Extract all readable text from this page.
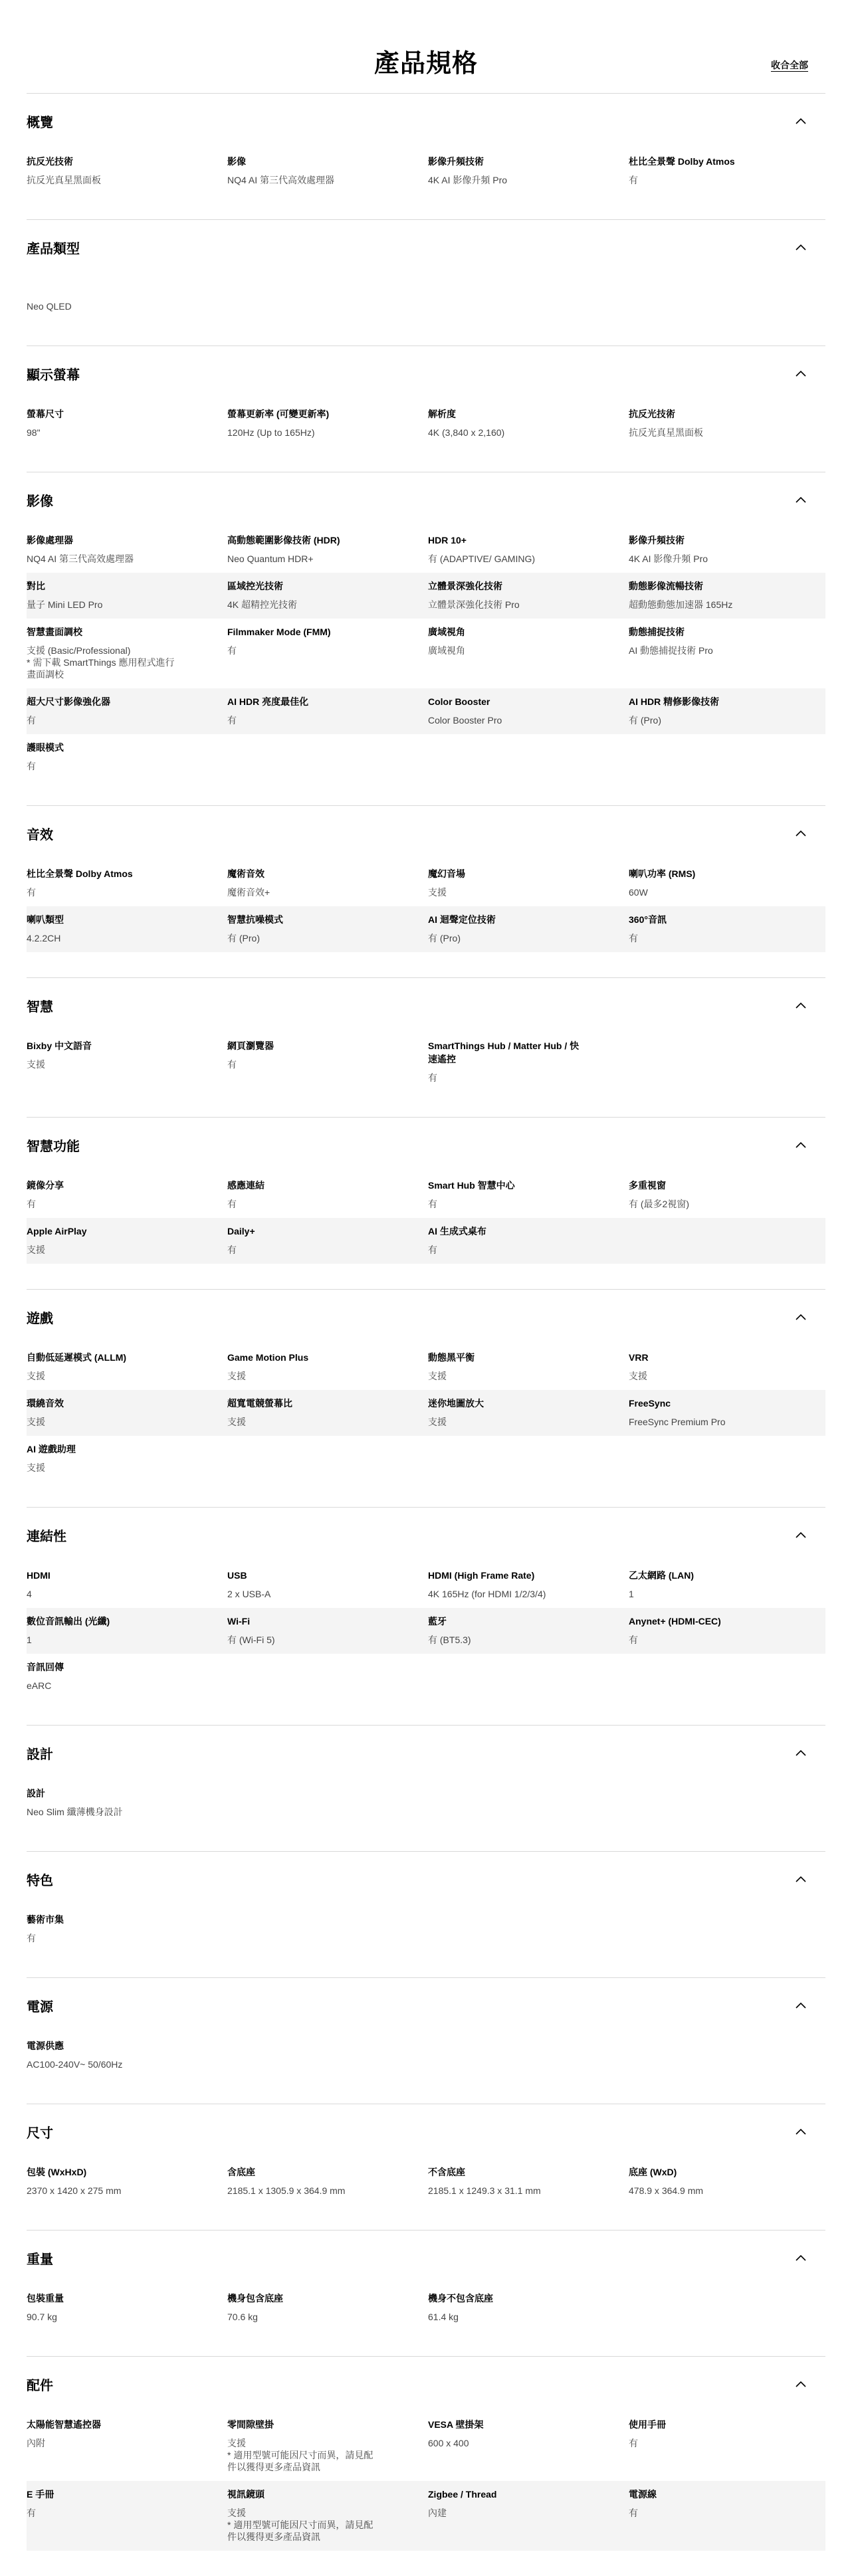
產品規格	收合全部
概覽
抗反光技術
抗反光真星黑面板
影像
NQ4 AI 第三代高效處理器
影像升頻技術
4K AI 影像升頻 Pro
杜比全景聲 Dolby Atmos
有
產品類型
Neo QLED
顯示螢幕
螢幕尺寸
98"
螢幕更新率 (可變更新率)
120Hz (Up to 165Hz)
解析度
4K (3,840 x 2,160)
抗反光技術
抗反光真星黑面板
影像
影像處理器
NQ4 AI 第三代高效處理器
高動態範圍影像技術 (HDR)
Neo Quantum HDR+
HDR 10+
有 (ADAPTIVE/ GAMING)
影像升頻技術
4K AI 影像升頻 Pro
對比
量子 Mini LED Pro
區域控光技術
4K 超精控光技術
立體景深強化技術
立體景深強化技術 Pro
動態影像流暢技術
超動態動態加速器 165Hz
智慧畫面調校
支援 (Basic/Professional)
* 需下載 SmartThings 應用程式進行
畫面調校
Filmmaker Mode (FMM)
有
廣域視角
廣域視角
動態捕捉技術
AI 動態捕捉技術 Pro
超大尺寸影像強化器
有
AI HDR 亮度最佳化
有
Color Booster
Color Booster Pro
AI HDR 精修影像技術
有 (Pro)
護眼模式
有
音效
杜比全景聲 Dolby Atmos
有
魔術音效
魔術音效+
魔幻音場
支援
喇叭功率 (RMS)
60W
喇叭類型
4.2.2CH
智慧抗噪模式
有 (Pro)
AI 迴聲定位技術
有 (Pro)
360°音訊
有
智慧
Bixby 中文語音
支援
網頁瀏覽器
有
SmartThings Hub / Matter Hub / 快
速遙控
有
智慧功能
鏡像分享
有
感應連結
有
Smart Hub 智慧中心
有
多重視窗
有 (最多2視窗)
Apple AirPlay
支援
Daily+
有
AI 生成式桌布
有
遊戲
自動低延遲模式 (ALLM)
支援
Game Motion Plus
支援
動態黑平衡
支援
VRR
支援
環繞音效
支援
超寬電競螢幕比
支援
迷你地圖放大
支援
FreeSync
FreeSync Premium Pro
AI 遊戲助理
支援
連結性
HDMI
4
USB
2 x USB-A
HDMI (High Frame Rate)
4K 165Hz (for HDMI 1/2/3/4)
乙太網路 (LAN)
1
數位音訊輸出 (光纖)
1
Wi-Fi
有 (Wi-Fi 5)
藍牙
有 (BT5.3)
Anynet+ (HDMI-CEC)
有
音訊回傳
eARC
設計
設計
Neo Slim 纖薄機身設計
特色
藝術市集
有
電源
電源供應
AC100-240V~ 50/60Hz
尺寸
包裝 (WxHxD)
2370 x 1420 x 275 mm
含底座
2185.1 x 1305.9 x 364.9 mm
不含底座
2185.1 x 1249.3 x 31.1 mm
底座 (WxD)
478.9 x 364.9 mm
重量
包裝重量
90.7 kg
機身包含底座
70.6 kg
機身不包含底座
61.4 kg
配件
太陽能智慧遙控器
內附
零間隙壁掛
支援
* 適用型號可能因尺寸而異，請見配
件以獲得更多產品資訊
VESA 壁掛架
600 x 400
使用手冊
有
E 手冊
有
視訊鏡頭
支援
* 適用型號可能因尺寸而異，請見配
件以獲得更多產品資訊
Zigbee / Thread
內建
電源線
有
